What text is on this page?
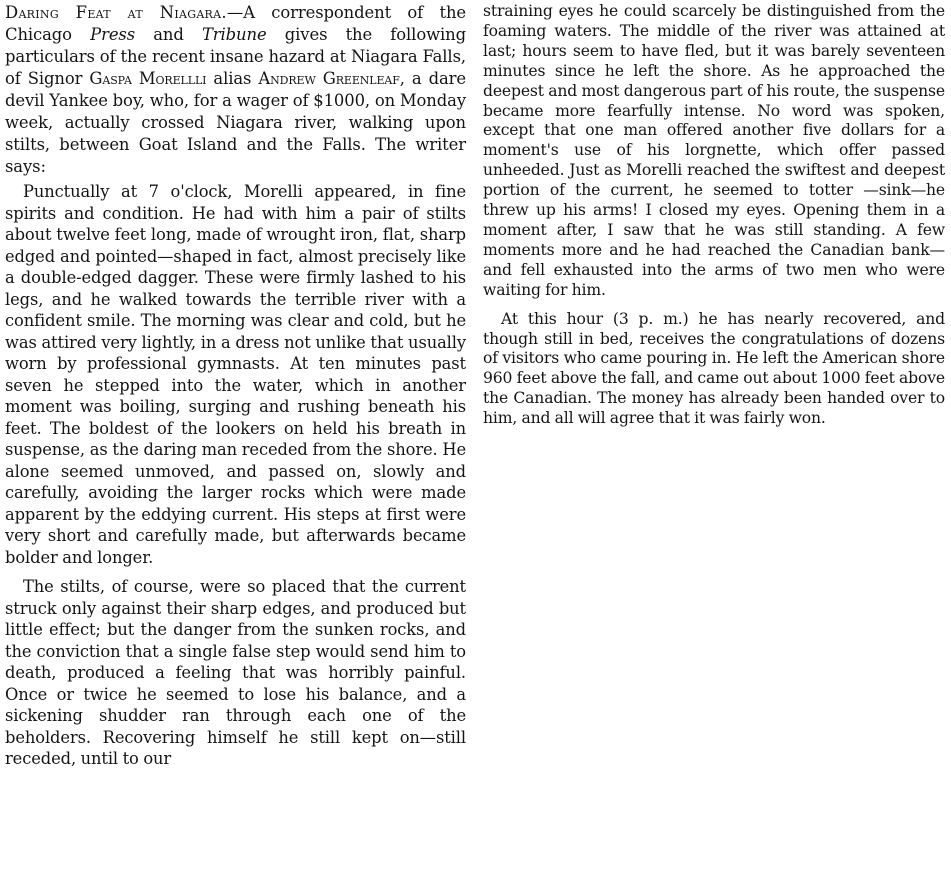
Daring Feat at Niagara.—A correspondent of the Chicago Press and Tribune gives the following particulars of the recent insane hazard at Niagara Falls, of Signor Gaspa Morellli alias Andrew Greenleaf, a dare devil Yankee boy, who, for a wager of $1000, on Monday week, actually crossed Niagara river, walking upon stilts, between Goat Island and the Falls. The writer says:

Punctually at 7 o'clock, Morelli appeared, in fine spirits and condition. He had with him a pair of stilts about twelve feet long, made of wrought iron, flat, sharp edged and pointed—shaped in fact, almost precisely like a double-edged dagger. These were firmly lashed to his legs, and he walked towards the terrible river with a confident smile. The morning was clear and cold, but he was attired very lightly, in a dress not unlike that usually worn by professional gymnasts. At ten minutes past seven he stepped into the water, which in another moment was boiling, surging and rushing beneath his feet. The boldest of the lookers on held his breath in suspense, as the daring man receded from the shore. He alone seemed unmoved, and passed on, slowly and carefully, avoiding the larger rocks which were made apparent by the eddying current. His steps at first were very short and carefully made, but afterwards became bolder and longer.

The stilts, of course, were so placed that the current struck only against their sharp edges, and produced but little effect; but the danger from the sunken rocks, and the conviction that a single false step would send him to death, produced a feeling that was horribly painful. Once or twice he seemed to lose his balance, and a sickening shudder ran through each one of the beholders. Recovering himself he still kept on—still receded, until to our

straining eyes he could scarcely be distinguished from the foaming waters. The middle of the river was attained at last; hours seem to have fled, but it was barely seventeen minutes since he left the shore. As he approached the deepest and most dangerous part of his route, the suspense became more fearfully intense. No word was spoken, except that one man offered another five dollars for a moment's use of his lorgnette, which offer passed unheeded. Just as Morelli reached the swiftest and deepest portion of the current, he seemed to totter —sink—he threw up his arms! I closed my eyes. Opening them in a moment after, I saw that he was still standing. A few moments more and he had reached the Canadian bank—and fell exhausted into the arms of two men who were waiting for him.

At this hour (3 p. m.) he has nearly recovered, and though still in bed, receives the congratulations of dozens of visitors who came pouring in. He left the American shore 960 feet above the fall, and came out about 1000 feet above the Canadian. The money has already been handed over to him, and all will agree that it was fairly won.
